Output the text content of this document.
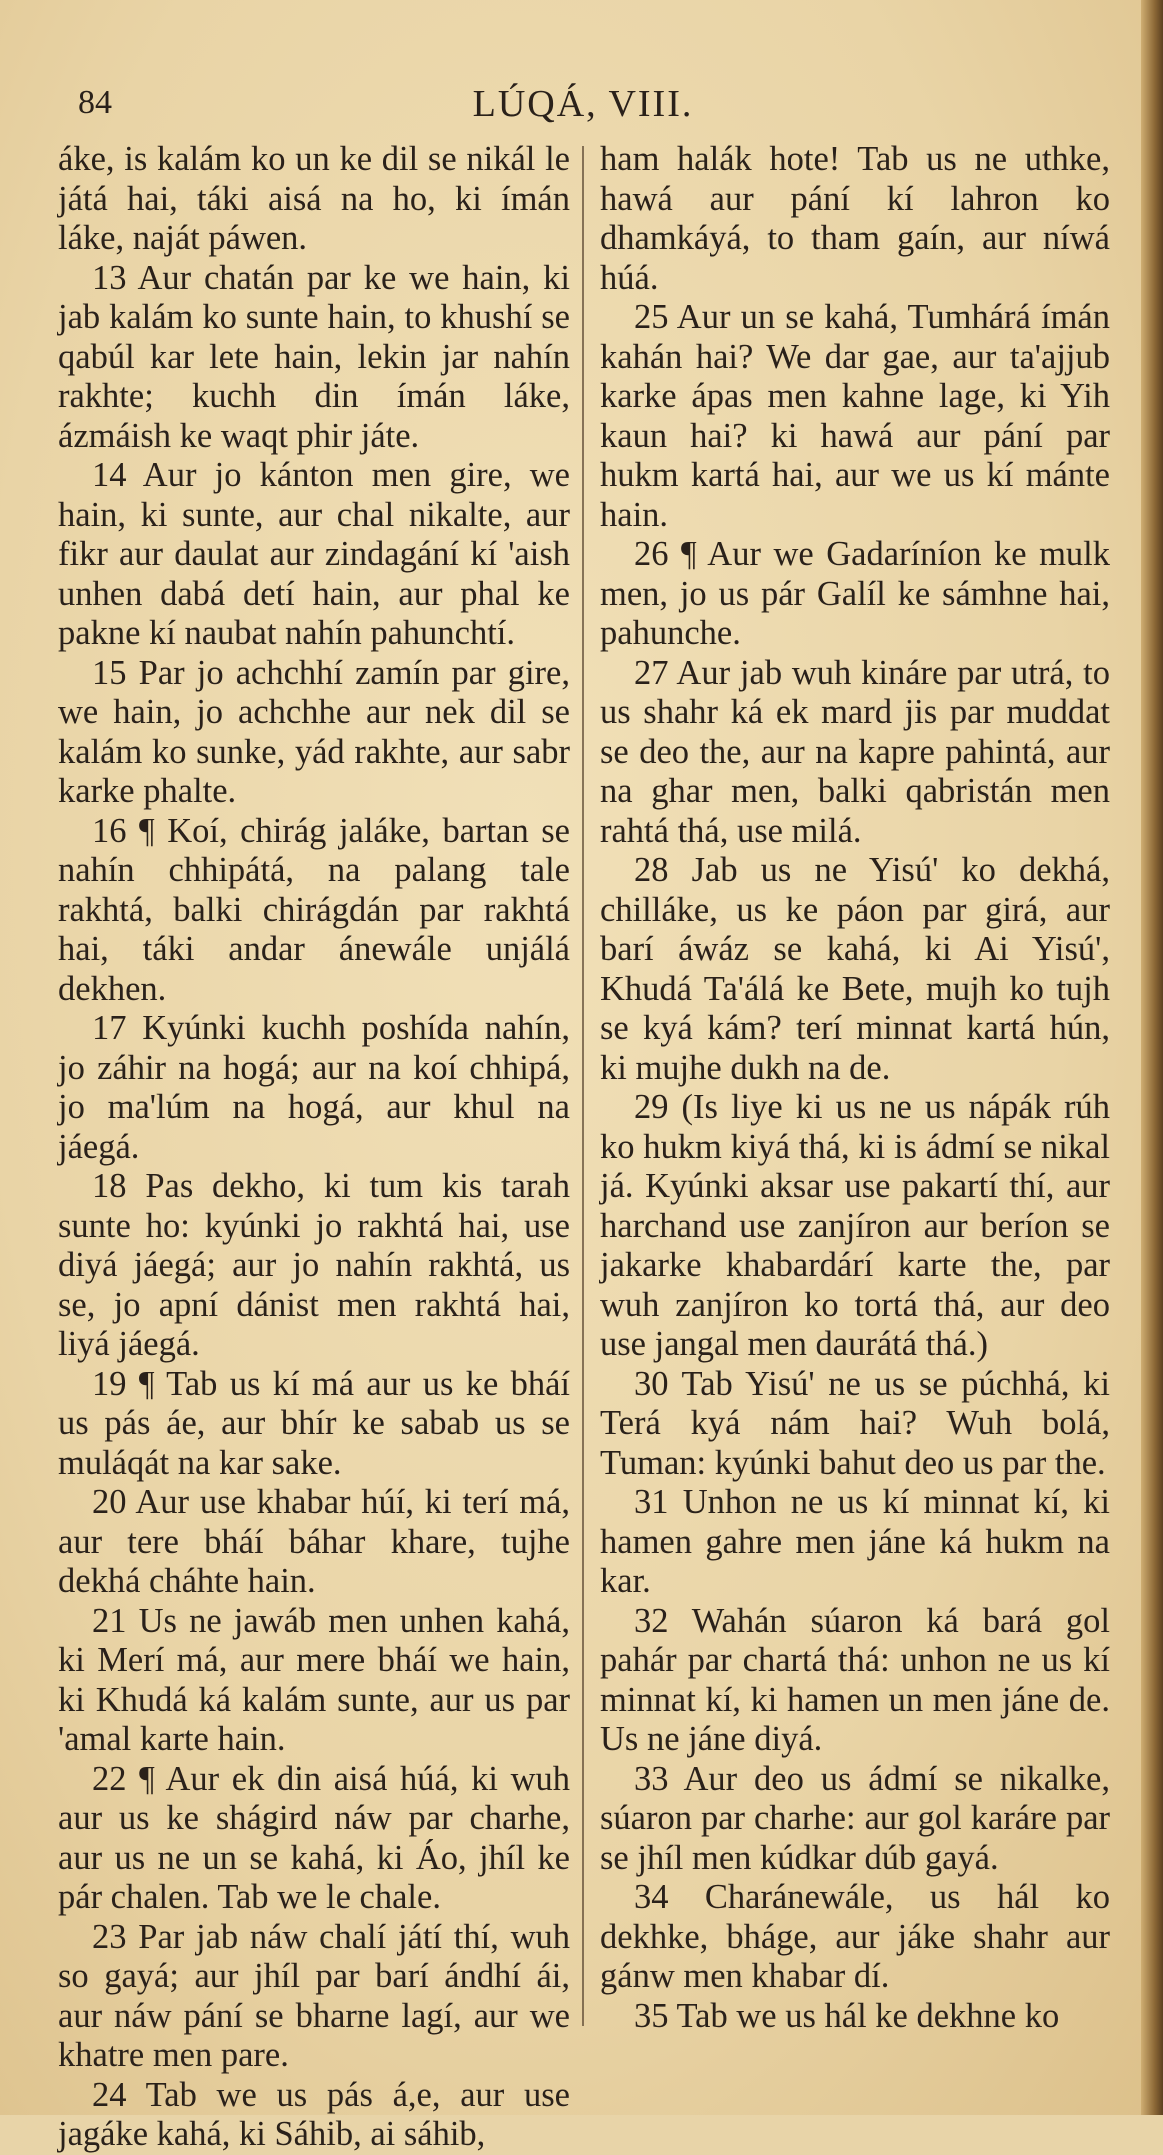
84	LÚQÁ, VIII.

áke, is kalám ko un ke dil se nikál le játá hai, táki aisá na ho, ki ímán láke, naját páwen.

13 Aur chatán par ke we hain, ki jab kalám ko sunte hain, to khushí se qabúl kar lete hain, lekin jar nahín rakhte; kuchh din ímán láke, ázmáish ke waqt phir játe.

14 Aur jo kánton men gire, we hain, ki sunte, aur chal nikalte, aur fikr aur daulat aur zindagání kí 'aish unhen dabá detí hain, aur phal ke pakne kí naubat nahín pahunchtí.

15 Par jo achchhí zamín par gire, we hain, jo achchhe aur nek dil se kalám ko sunke, yád rakhte, aur sabr karke phalte.

16 ¶ Koí, chirág jaláke, bartan se nahín chhipátá, na palang tale rakhtá, balki chirágdán par rakhtá hai, táki andar ánewále unjálá dekhen.

17 Kyúnki kuchh poshída nahín, jo záhir na hogá; aur na koí chhipá, jo ma'lúm na hogá, aur khul na jáegá.

18 Pas dekho, ki tum kis tarah sunte ho: kyúnki jo rakhtá hai, use diyá jáegá; aur jo nahín rakhtá, us se, jo apní dánist men rakhtá hai, liyá jáegá.

19 ¶ Tab us kí má aur us ke bháí us pás áe, aur bhír ke sabab us se muláqát na kar sake.

20 Aur use khabar húí, ki terí má, aur tere bháí báhar khare, tujhe dekhá cháhte hain.

21 Us ne jawáb men unhen kahá, ki Merí má, aur mere bháí we hain, ki Khudá ká kalám sunte, aur us par 'amal karte hain.

22 ¶ Aur ek din aisá húá, ki wuh aur us ke shágird náw par charhe, aur us ne un se kahá, ki Áo, jhíl ke pár chalen. Tab we le chale.

23 Par jab náw chalí játí thí, wuh so gayá; aur jhíl par barí ándhí ái, aur náw pání se bharne lagí, aur we khatre men pare.

24 Tab we us pás á,e, aur use jagáke kahá, ki Sáhib, ai sáhib,

ham halák hote! Tab us ne uthke, hawá aur pání kí lahron ko dhamkáyá, to tham gaín, aur níwá húá.

25 Aur un se kahá, Tumhárá ímán kahán hai? We dar gae, aur ta'ajjub karke ápas men kahne lage, ki Yih kaun hai? ki hawá aur pání par hukm kartá hai, aur we us kí mánte hain.

26 ¶ Aur we Gadaríníon ke mulk men, jo us pár Galíl ke sámhne hai, pahunche.

27 Aur jab wuh kináre par utrá, to us shahr ká ek mard jis par muddat se deo the, aur na kapre pahintá, aur na ghar men, balki qabristán men rahtá thá, use milá.

28 Jab us ne Yisú' ko dekhá, chilláke, us ke páon par girá, aur barí áwáz se kahá, ki Ai Yisú', Khudá Ta'álá ke Bete, mujh ko tujh se kyá kám? terí minnat kartá hún, ki mujhe dukh na de.

29 (Is liye ki us ne us nápák rúh ko hukm kiyá thá, ki is ádmí se nikal já. Kyúnki aksar use pakartí thí, aur harchand use zanjíron aur beríon se jakarke khabardárí karte the, par wuh zanjíron ko tortá thá, aur deo use jangal men daurátá thá.)

30 Tab Yisú' ne us se púchhá, ki Terá kyá nám hai? Wuh bolá, Tuman: kyúnki bahut deo us par the.

31 Unhon ne us kí minnat kí, ki hamen gahre men jáne ká hukm na kar.

32 Wahán súaron ká bará gol pahár par chartá thá: unhon ne us kí minnat kí, ki hamen un men jáne de. Us ne jáne diyá.

33 Aur deo us ádmí se nikalke, súaron par charhe: aur gol karáre par se jhíl men kúdkar dúb gayá.

34 Charánewále, us hál ko dekhke, bháge, aur jáke shahr aur gánw men khabar dí.

35 Tab we us hál ke dekhne ko
